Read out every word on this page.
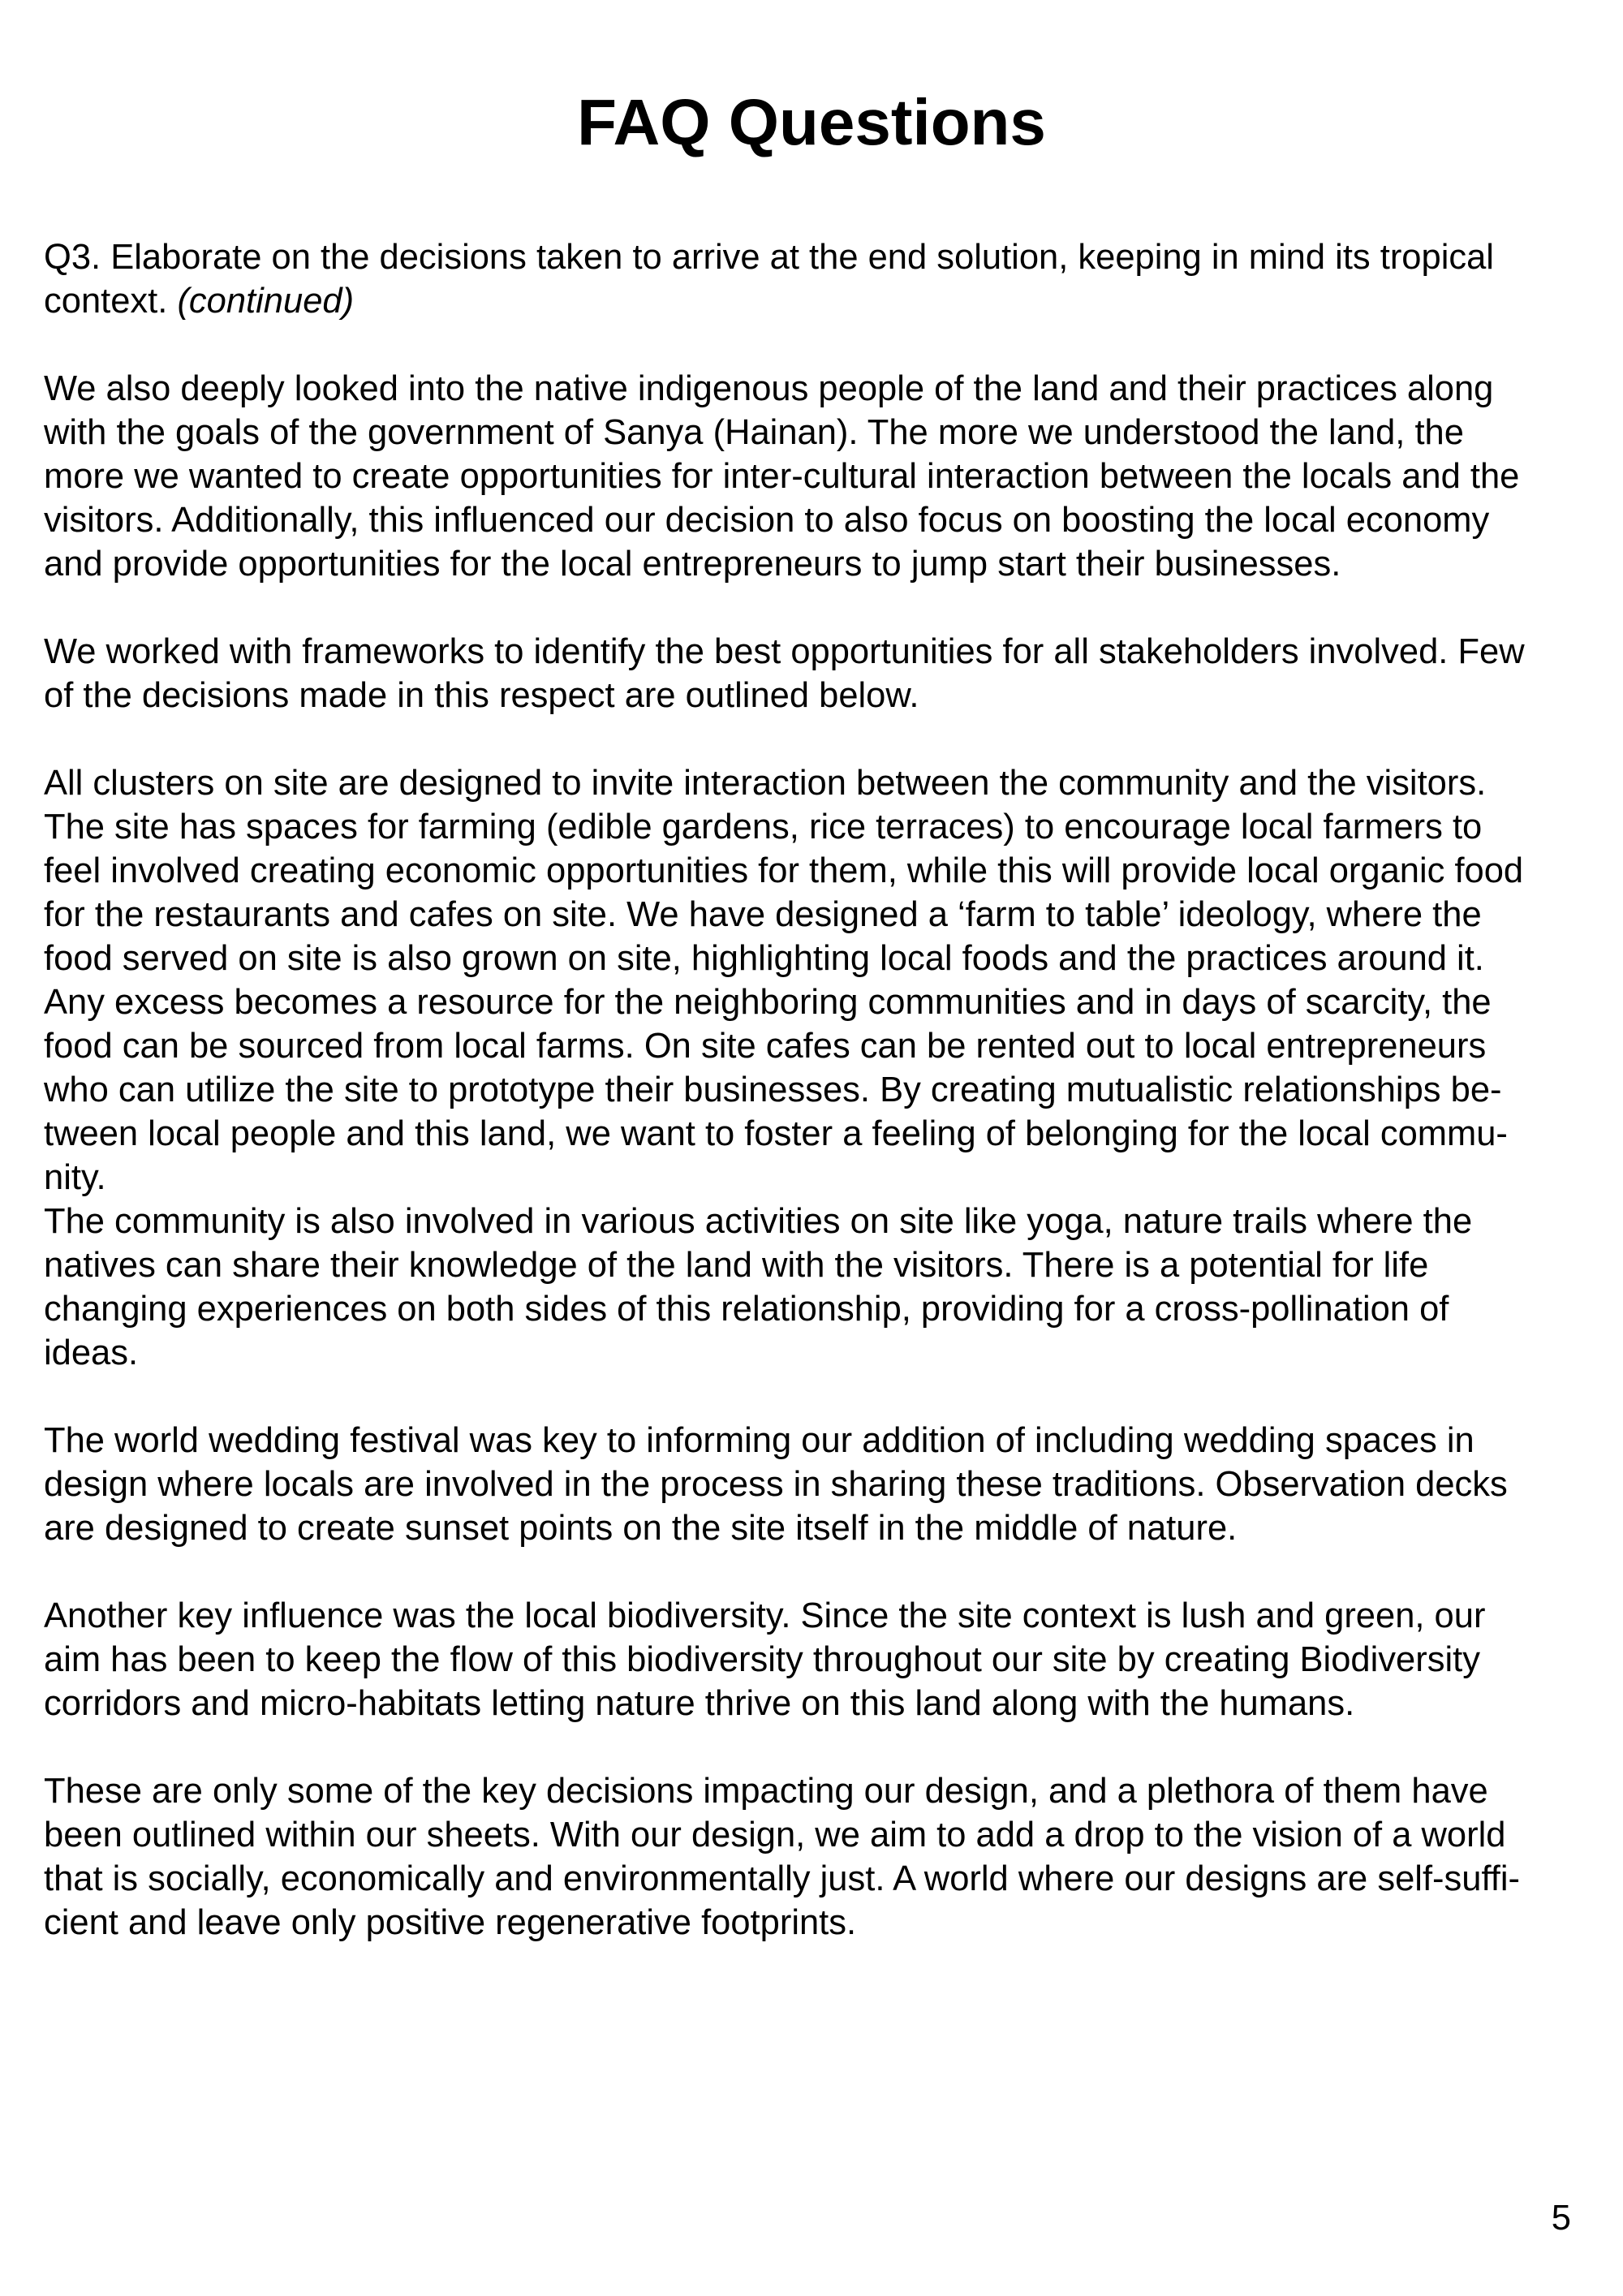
FAQ Questions

Q3. Elaborate on the decisions taken to arrive at the end solution, keeping in mind its tropical
context. (continued)

We also deeply looked into the native indigenous people of the land and their practices along
with the goals of the government of Sanya (Hainan). The more we understood the land, the
more we wanted to create opportunities for inter-cultural interaction between the locals and the
visitors. Additionally, this influenced our decision to also focus on boosting the local economy
and provide opportunities for the local entrepreneurs to jump start their businesses.

We worked with frameworks to identify the best opportunities for all stakeholders involved. Few
of the decisions made in this respect are outlined below.

All clusters on site are designed to invite interaction between the community and the visitors.
The site has spaces for farming (edible gardens, rice terraces) to encourage local farmers to
feel involved creating economic opportunities for them, while this will provide local organic food
for the restaurants and cafes on site. We have designed a ‘farm to table’ ideology, where the
food served on site is also grown on site, highlighting local foods and the practices around it.
Any excess becomes a resource for the neighboring communities and in days of scarcity, the
food can be sourced from local farms. On site cafes can be rented out to local entrepreneurs
who can utilize the site to prototype their businesses. By creating mutualistic relationships be-
tween local people and this land, we want to foster a feeling of belonging for the local commu-
nity.

The community is also involved in various activities on site like yoga, nature trails where the
natives can share their knowledge of the land with the visitors. There is a potential for life
changing experiences on both sides of this relationship, providing for a cross-pollination of
ideas.

The world wedding festival was key to informing our addition of including wedding spaces in
design where locals are involved in the process in sharing these traditions. Observation decks
are designed to create sunset points on the site itself in the middle of nature.

Another key influence was the local biodiversity. Since the site context is lush and green, our
aim has been to keep the flow of this biodiversity throughout our site by creating Biodiversity
corridors and micro-habitats letting nature thrive on this land along with the humans.

These are only some of the key decisions impacting our design, and a plethora of them have
been outlined within our sheets. With our design, we aim to add a drop to the vision of a world
that is socially, economically and environmentally just. A world where our designs are self-suffi-
cient and leave only positive regenerative footprints.

5
